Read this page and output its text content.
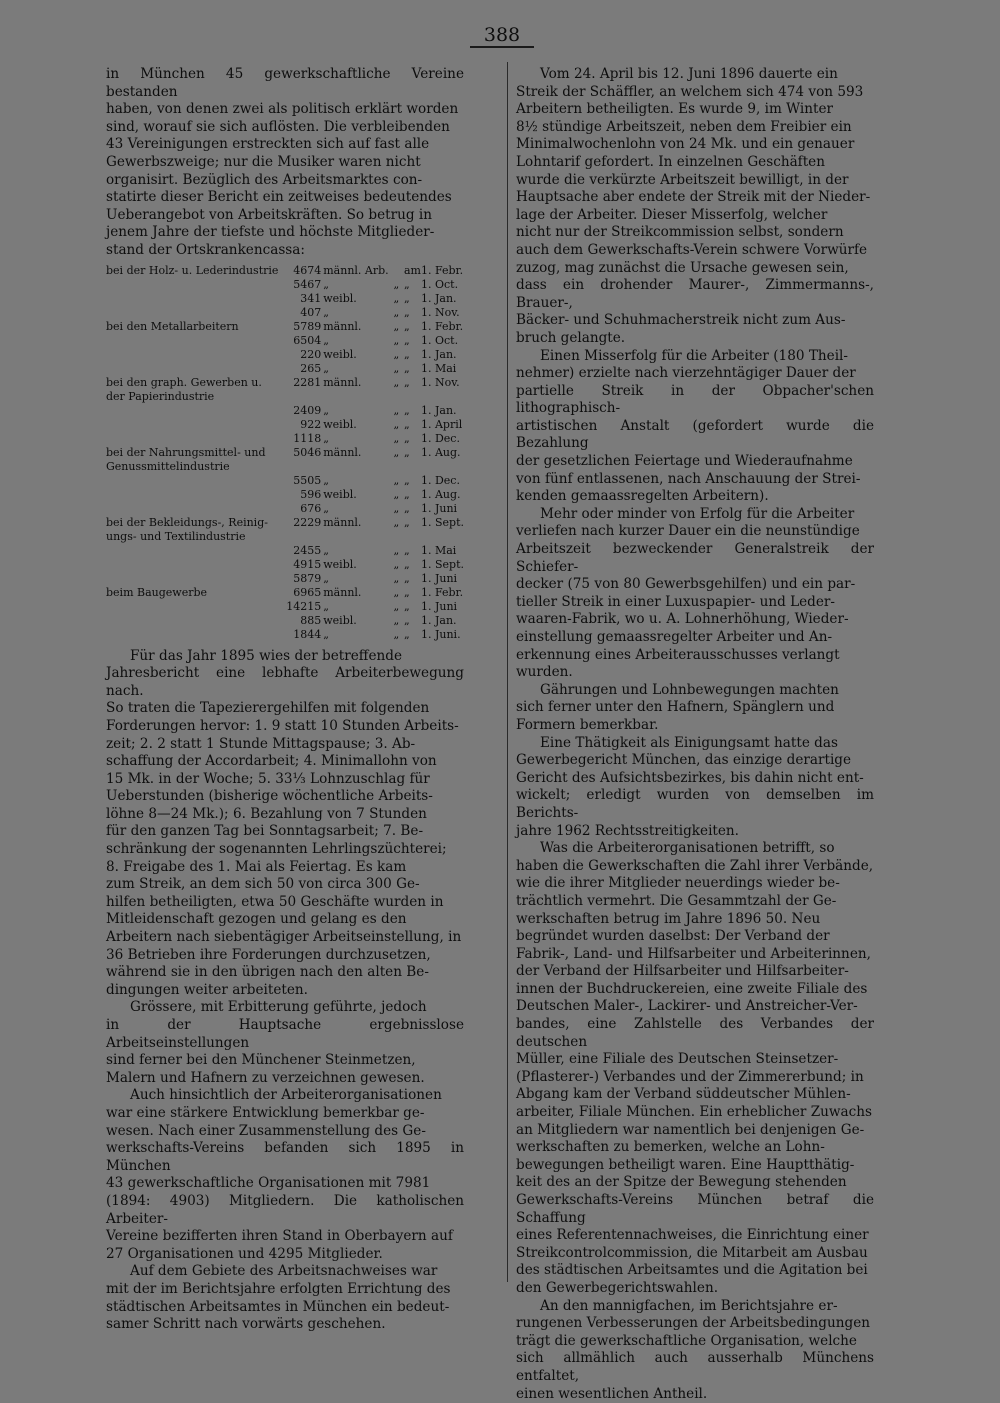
388

in München 45 gewerkschaftliche Vereine bestanden
haben, von denen zwei als politisch erklärt worden
sind, worauf sie sich auflösten. Die verbleibenden
43 Vereinigungen erstreckten sich auf fast alle
Gewerbszweige; nur die Musiker waren nicht
organisirt. Bezüglich des Arbeitsmarktes con-
statirte dieser Bericht ein zeitweises bedeutendes
Ueberangebot von Arbeitskräften. So betrug in
jenem Jahre der tiefste und höchste Mitglieder-
stand der Ortskrankencassa:

bei der Holz- u. Lederindustrie	4674	männl. Arb.		am	1. Febr.
	5467	„	„	„	1. Oct.
	341	weibl.	„	„	1. Jan.
	407	„	„	„	1. Nov.
bei den Metallarbeitern	5789	männl.	„	„	1. Febr.
	6504	„	„	„	1. Oct.
	220	weibl.	„	„	1. Jan.
	265	„	„	„	1. Mai
bei den graph. Gewerben u.
der Papierindustrie	2281	männl.	„	„	1. Nov.
	2409	„	„	„	1. Jan.
	922	weibl.	„	„	1. April
	1118	„	„	„	1. Dec.
bei der Nahrungsmittel- und
Genussmittelindustrie	5046	männl.	„	„	1. Aug.
	5505	„	„	„	1. Dec.
	596	weibl.	„	„	1. Aug.
	676	„	„	„	1. Juni
bei der Bekleidungs-, Reinig-
ungs- und Textilindustrie	2229	männl.	„	„	1. Sept.
	2455	„	„	„	1. Mai
	4915	weibl.	„	„	1. Sept.
	5879	„	„	„	1. Juni
beim Baugewerbe	6965	männl.	„	„	1. Febr.
	14215	„	„	„	1. Juni
	885	weibl.	„	„	1. Jan.
	1844	„	„	„	1. Juni.

Für das Jahr 1895 wies der betreffende
Jahresbericht eine lebhafte Arbeiterbewegung nach.
So traten die Tapezierergehilfen mit folgenden
Forderungen hervor: 1. 9 statt 10 Stunden Arbeits-
zeit; 2. 2 statt 1 Stunde Mittagspause; 3. Ab-
schaffung der Accordarbeit; 4. Minimallohn von
15 Mk. in der Woche; 5. 33⅓ Lohnzuschlag für
Ueberstunden (bisherige wöchentliche Arbeits-
löhne 8—24 Mk.); 6. Bezahlung von 7 Stunden
für den ganzen Tag bei Sonntagsarbeit; 7. Be-
schränkung der sogenannten Lehrlingszüchterei;
8. Freigabe des 1. Mai als Feiertag. Es kam
zum Streik, an dem sich 50 von circa 300 Ge-
hilfen betheiligten, etwa 50 Geschäfte wurden in
Mitleidenschaft gezogen und gelang es den
Arbeitern nach siebentägiger Arbeitseinstellung, in
36 Betrieben ihre Forderungen durchzusetzen,
während sie in den übrigen nach den alten Be-
dingungen weiter arbeiteten.

Grössere, mit Erbitterung geführte, jedoch
in der Hauptsache ergebnisslose Arbeitseinstellungen
sind ferner bei den Münchener Steinmetzen,
Malern und Hafnern zu verzeichnen gewesen.

Auch hinsichtlich der Arbeiterorganisationen
war eine stärkere Entwicklung bemerkbar ge-
wesen. Nach einer Zusammenstellung des Ge-
werkschafts-Vereins befanden sich 1895 in München
43 gewerkschaftliche Organisationen mit 7981
(1894: 4903) Mitgliedern. Die katholischen Arbeiter-
Vereine bezifferten ihren Stand in Oberbayern auf
27 Organisationen und 4295 Mitglieder.

Auf dem Gebiete des Arbeitsnachweises war
mit der im Berichtsjahre erfolgten Errichtung des
städtischen Arbeitsamtes in München ein bedeut-
samer Schritt nach vorwärts geschehen.

Vom 24. April bis 12. Juni 1896 dauerte ein
Streik der Schäffler, an welchem sich 474 von 593
Arbeitern betheiligten. Es wurde 9, im Winter
8½ stündige Arbeitszeit, neben dem Freibier ein
Minimalwochenlohn von 24 Mk. und ein genauer
Lohntarif gefordert. In einzelnen Geschäften
wurde die verkürzte Arbeitszeit bewilligt, in der
Hauptsache aber endete der Streik mit der Nieder-
lage der Arbeiter. Dieser Misserfolg, welcher
nicht nur der Streikcommission selbst, sondern
auch dem Gewerkschafts-Verein schwere Vorwürfe
zuzog, mag zunächst die Ursache gewesen sein,
dass ein drohender Maurer-, Zimmermanns-, Brauer-,
Bäcker- und Schuhmacherstreik nicht zum Aus-
bruch gelangte.

Einen Misserfolg für die Arbeiter (180 Theil-
nehmer) erzielte nach vierzehntägiger Dauer der
partielle Streik in der Obpacher'schen lithographisch-
artistischen Anstalt (gefordert wurde die Bezahlung
der gesetzlichen Feiertage und Wiederaufnahme
von fünf entlassenen, nach Anschauung der Strei-
kenden gemaassregelten Arbeitern).

Mehr oder minder von Erfolg für die Arbeiter
verliefen nach kurzer Dauer ein die neunstündige
Arbeitszeit bezweckender Generalstreik der Schiefer-
decker (75 von 80 Gewerbsgehilfen) und ein par-
tieller Streik in einer Luxuspapier- und Leder-
waaren-Fabrik, wo u. A. Lohnerhöhung, Wieder-
einstellung gemaassregelter Arbeiter und An-
erkennung eines Arbeiterausschusses verlangt
wurden.

Gährungen und Lohnbewegungen machten
sich ferner unter den Hafnern, Spänglern und
Formern bemerkbar.

Eine Thätigkeit als Einigungsamt hatte das
Gewerbegericht München, das einzige derartige
Gericht des Aufsichtsbezirkes, bis dahin nicht ent-
wickelt; erledigt wurden von demselben im Berichts-
jahre 1962 Rechtsstreitigkeiten.

Was die Arbeiterorganisationen betrifft, so
haben die Gewerkschaften die Zahl ihrer Verbände,
wie die ihrer Mitglieder neuerdings wieder be-
trächtlich vermehrt. Die Gesammtzahl der Ge-
werkschaften betrug im Jahre 1896 50. Neu
begründet wurden daselbst: Der Verband der
Fabrik-, Land- und Hilfsarbeiter und Arbeiterinnen,
der Verband der Hilfsarbeiter und Hilfsarbeiter-
innen der Buchdruckereien, eine zweite Filiale des
Deutschen Maler-, Lackirer- und Anstreicher-Ver-
bandes, eine Zahlstelle des Verbandes der deutschen
Müller, eine Filiale des Deutschen Steinsetzer-
(Pflasterer-) Verbandes und der Zimmererbund; in
Abgang kam der Verband süddeutscher Mühlen-
arbeiter, Filiale München. Ein erheblicher Zuwachs
an Mitgliedern war namentlich bei denjenigen Ge-
werkschaften zu bemerken, welche an Lohn-
bewegungen betheiligt waren. Eine Hauptthätig-
keit des an der Spitze der Bewegung stehenden
Gewerkschafts-Vereins München betraf die Schaffung
eines Referentennachweises, die Einrichtung einer
Streikcontrolcommission, die Mitarbeit am Ausbau
des städtischen Arbeitsamtes und die Agitation bei
den Gewerbegerichtswahlen.

An den mannigfachen, im Berichtsjahre er-
rungenen Verbesserungen der Arbeitsbedingungen
trägt die gewerkschaftliche Organisation, welche
sich allmählich auch ausserhalb Münchens entfaltet,
einen wesentlichen Antheil.
